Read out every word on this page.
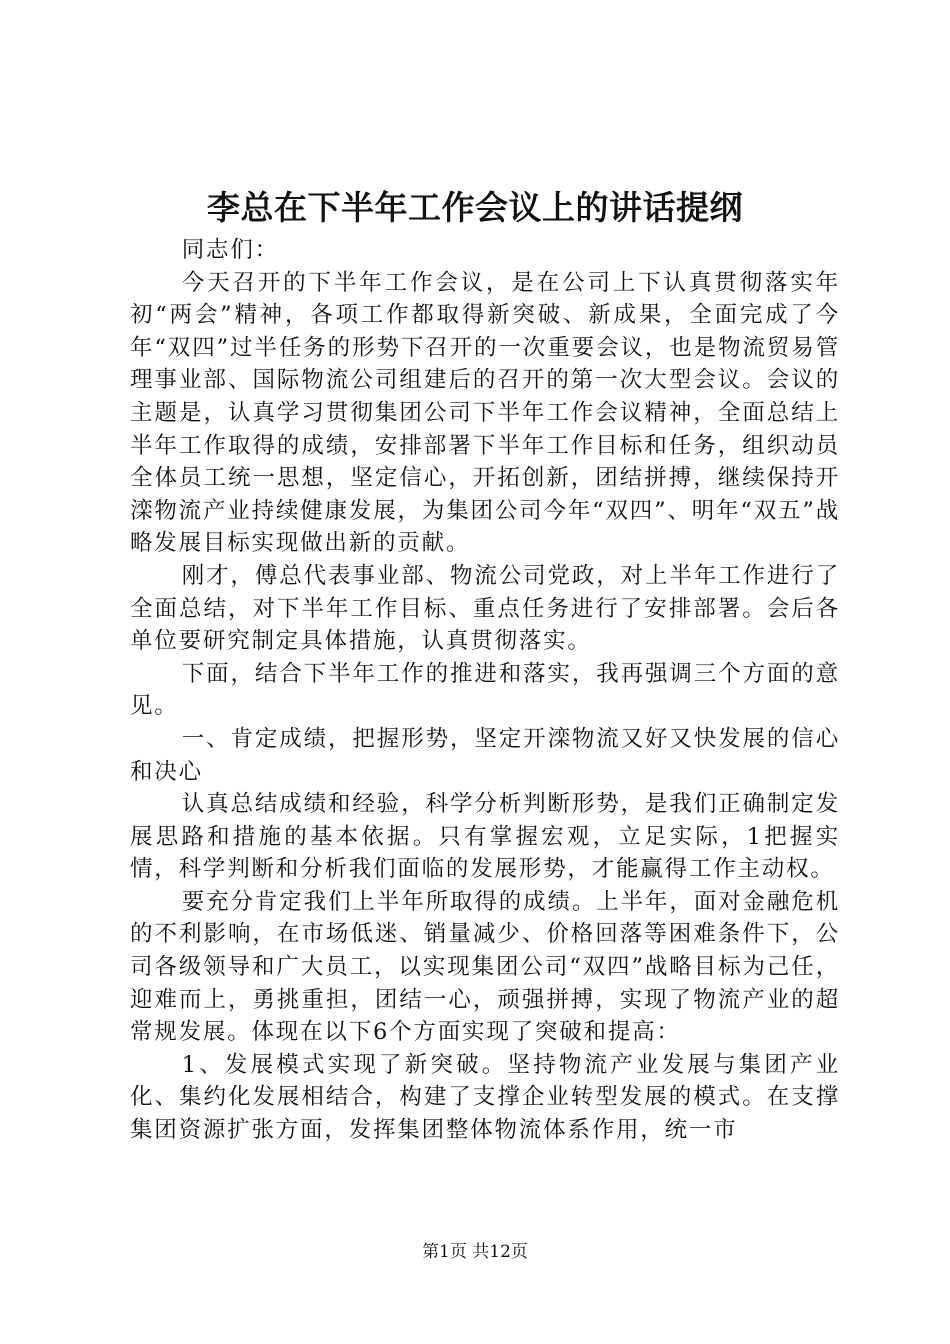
李总在下半年工作会议上的讲话提纲

同志们：

今天召开的下半年工作会议，是在公司上下认真贯彻落实年初“两会”精神，各项工作都取得新突破、新成果，全面完成了今年“双四”过半任务的形势下召开的一次重要会议，也是物流贸易管理事业部、国际物流公司组建后的召开的第一次大型会议。会议的主题是，认真学习贯彻集团公司下半年工作会议精神，全面总结上半年工作取得的成绩，安排部署下半年工作目标和任务，组织动员全体员工统一思想，坚定信心，开拓创新，团结拼搏，继续保持开滦物流产业持续健康发展，为集团公司今年“双四”、明年“双五”战略发展目标实现做出新的贡献。

刚才，傅总代表事业部、物流公司党政，对上半年工作进行了全面总结，对下半年工作目标、重点任务进行了安排部署。会后各单位要研究制定具体措施，认真贯彻落实。

下面，结合下半年工作的推进和落实，我再强调三个方面的意见。

一、肯定成绩，把握形势，坚定开滦物流又好又快发展的信心和决心

认真总结成绩和经验，科学分析判断形势，是我们正确制定发展思路和措施的基本依据。只有掌握宏观，立足实际，1把握实情，科学判断和分析我们面临的发展形势，才能赢得工作主动权。

要充分肯定我们上半年所取得的成绩。上半年，面对金融危机的不利影响，在市场低迷、销量减少、价格回落等困难条件下，公司各级领导和广大员工，以实现集团公司“双四”战略目标为己任，迎难而上，勇挑重担，团结一心，顽强拼搏，实现了物流产业的超常规发展。体现在以下6个方面实现了突破和提高：

1、发展模式实现了新突破。坚持物流产业发展与集团产业化、集约化发展相结合，构建了支撑企业转型发展的模式。在支撑集团资源扩张方面，发挥集团整体物流体系作用，统一市

第1页 共12页
